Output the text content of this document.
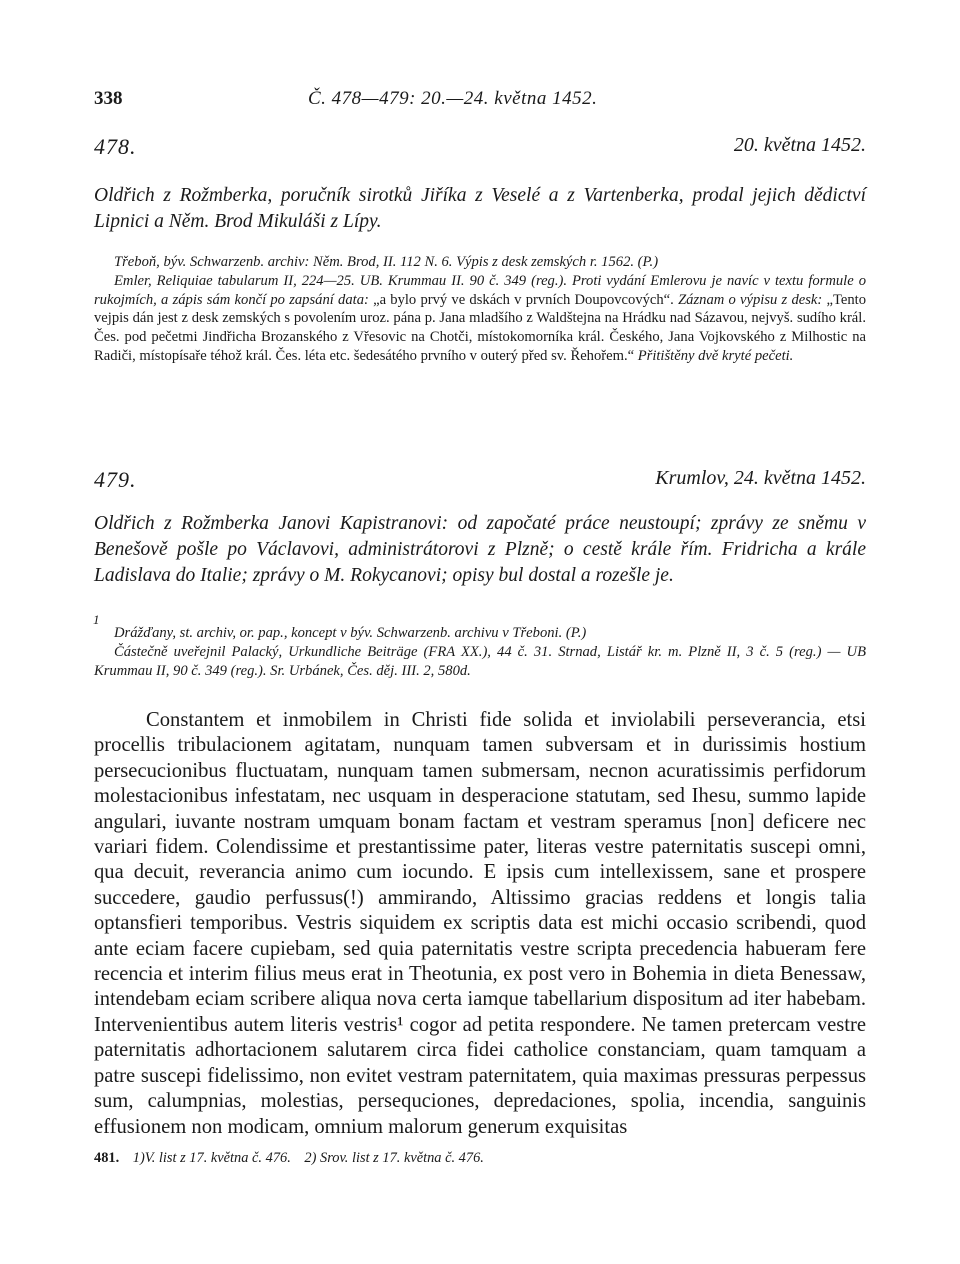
338	Č. 478—479: 20.—24. května 1452.
478.	20. května 1452.
Oldřich z Rožmberka, poručník sirotků Jiříka z Veselé a z Vartenberka, prodal jejich dědictví Lipnici a Něm. Brod Mikuláši z Lípy.

Třeboň, býv. Schwarzenb. archiv: Něm. Brod, II. 112 N. 6. Výpis z desk zemských r. 1562. (P.)

Emler, Reliquiae tabularum II, 224—25. UB. Krummau II. 90 č. 349 (reg.). Proti vydání Emlerovu je navíc v textu formule o rukojmích, a zápis sám končí po zapsání data: „a bylo prvý ve dskách v prvních Doupovcových“. Záznam o výpisu z desk: „Tento vejpis dán jest z desk zemských s povolením uroz. pána p. Jana mladšího z Waldštejna na Hrádku nad Sázavou, nejvyš. sudího král. Čes. pod pečetmi Jindřicha Brozanského z Vřesovic na Chotči, místokomorníka král. Českého, Jana Vojkovského z Milhostic na Radiči, místopísaře téhož král. Čes. léta etc. šedesátého prvního v outerý před sv. Řehořem.“ Přitištěny dvě kryté pečeti.

479.	Krumlov, 24. května 1452.
Oldřich z Rožmberka Janovi Kapistranovi: od započaté práce neustoupí; zprávy ze sněmu v Benešově pošle po Václavovi, administrátorovi z Plzně; o cestě krále řím. Fridricha a krále Ladislava do Italie; zprávy o M. Rokycanovi; opisy bul dostal a rozešle je.
1

Drážďany, st. archiv, or. pap., koncept v býv. Schwarzenb. archivu v Třeboni. (P.)

Částečně uveřejnil Palacký, Urkundliche Beiträge (FRA XX.), 44 č. 31. Strnad, Listář kr. m. Plzně II, 3 č. 5 (reg.) — UB Krummau II, 90 č. 349 (reg.). Sr. Urbánek, Čes. děj. III. 2, 580d.

Constantem et inmobilem in Christi fide solida et inviolabili perseverancia, etsi procellis tribulacionem agitatam, nunquam tamen subversam et in durissimis hostium persecucionibus fluctuatam, nunquam tamen submersam, necnon acuratissimis perfidorum molestacionibus infestatam, nec usquam in desperacione statutam, sed Ihesu, summo lapide angulari, iuvante nostram umquam bonam factam et vestram speramus [non] deficere nec variari fidem. Colendissime et prestantissime pater, literas vestre paternitatis suscepi omni, qua decuit, reverancia animo cum iocundo. E ipsis cum intellexissem, sane et prospere succedere, gaudio perfussus(!) ammirando, Altissimo gracias reddens et longis talia optansfieri temporibus. Vestris siquidem ex scriptis data est michi occasio scribendi, quod ante eciam facere cupiebam, sed quia paternitatis vestre scripta precedencia habueram fere recencia et interim filius meus erat in Theotunia, ex post vero in Bohemia in dieta Benessaw, intendebam eciam scribere aliqua nova certa iamque tabellarium dispositum ad iter habebam. Intervenientibus autem literis vestris¹ cogor ad petita respondere. Ne tamen pretercam vestre paternitatis adhortacionem salutarem circa fidei catholice constanciam, quam tamquam a patre suscepi fidelissimo, non evitet vestram paternitatem, quia maximas pressuras perpessus sum, calumpnias, molestias, persequciones, depredaciones, spolia, incendia, sanguinis effusionem non modicam, omnium malorum generum exquisitas

481. 1)V. list z 17. května č. 476. 2) Srov. list z 17. května č. 476.
